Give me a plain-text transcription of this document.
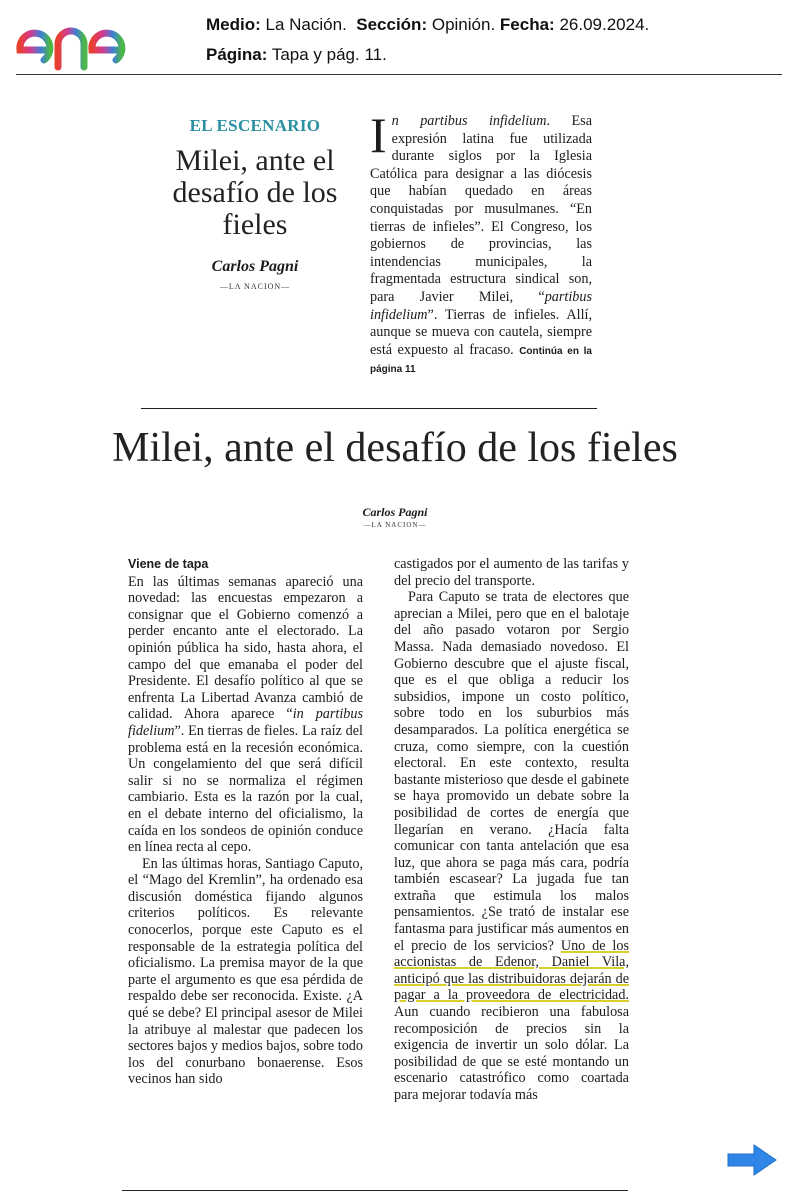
Medio: La Nación. Sección: Opinión. Fecha: 26.09.2024.
Página: Tapa y pág. 11.
EL ESCENARIO
Milei, ante el desafío de los fieles
Carlos Pagni
—LA NACION—
In partibus infidelium. Esa expresión latina fue utilizada durante siglos por la Iglesia Católica para designar a las diócesis que habían quedado en áreas conquistadas por musulmanes. “En tierras de infieles”. El Congreso, los gobiernos de provincias, las intendencias municipales, la fragmentada estructura sindical son, para Javier Milei, “partibus infidelium”. Tierras de infieles. Allí, aunque se mueva con cautela, siempre está expuesto al fracaso. Continúa en la página 11
Milei, ante el desafío de los fieles
Carlos Pagni
—LA NACION—
Viene de tapa

En las últimas semanas apareció una novedad: las encuestas empezaron a consignar que el Gobierno comenzó a perder encanto ante el electorado. La opinión pública ha sido, hasta ahora, el campo del que emanaba el poder del Presidente. El desafío político al que se enfrenta La Libertad Avanza cambió de calidad. Ahora aparece “in partibus fidelium”. En tierras de fieles. La raíz del problema está en la recesión económica. Un congelamiento del que será difícil salir si no se normaliza el régimen cambiario. Esta es la razón por la cual, en el debate interno del oficialismo, la caída en los sondeos de opinión conduce en línea recta al cepo.

En las últimas horas, Santiago Caputo, el “Mago del Kremlin”, ha ordenado esa discusión doméstica fijando algunos criterios políticos. Es relevante conocerlos, porque este Caputo es el responsable de la estrategia política del oficialismo. La premisa mayor de la que parte el argumento es que esa pérdida de respaldo debe ser reconocida. Existe. ¿A qué se debe? El principal asesor de Milei la atribuye al malestar que padecen los sectores bajos y medios bajos, sobre todo los del conurbano bonaerense. Esos vecinos han sido

castigados por el aumento de las tarifas y del precio del transporte.

Para Caputo se trata de electores que aprecian a Milei, pero que en el balotaje del año pasado votaron por Sergio Massa. Nada demasiado novedoso. El Gobierno descubre que el ajuste fiscal, que es el que obliga a reducir los subsidios, impone un costo político, sobre todo en los suburbios más desamparados. La política energética se cruza, como siempre, con la cuestión electoral. En este contexto, resulta bastante misterioso que desde el gabinete se haya promovido un debate sobre la posibilidad de cortes de energía que llegarían en verano. ¿Hacía falta comunicar con tanta antelación que esa luz, que ahora se paga más cara, podría también escasear? La jugada fue tan extraña que estimula los malos pensamientos. ¿Se trató de instalar ese fantasma para justificar más aumentos en el precio de los servicios? Uno de los accionistas de Edenor, Daniel Vila, anticipó que las distribuidoras dejarán de pagar a la proveedora de electricidad. Aun cuando recibieron una fabulosa recomposición de precios sin la exigencia de invertir un solo dólar. La posibilidad de que se esté montando un escenario catastrófico como coartada para mejorar todavía más
